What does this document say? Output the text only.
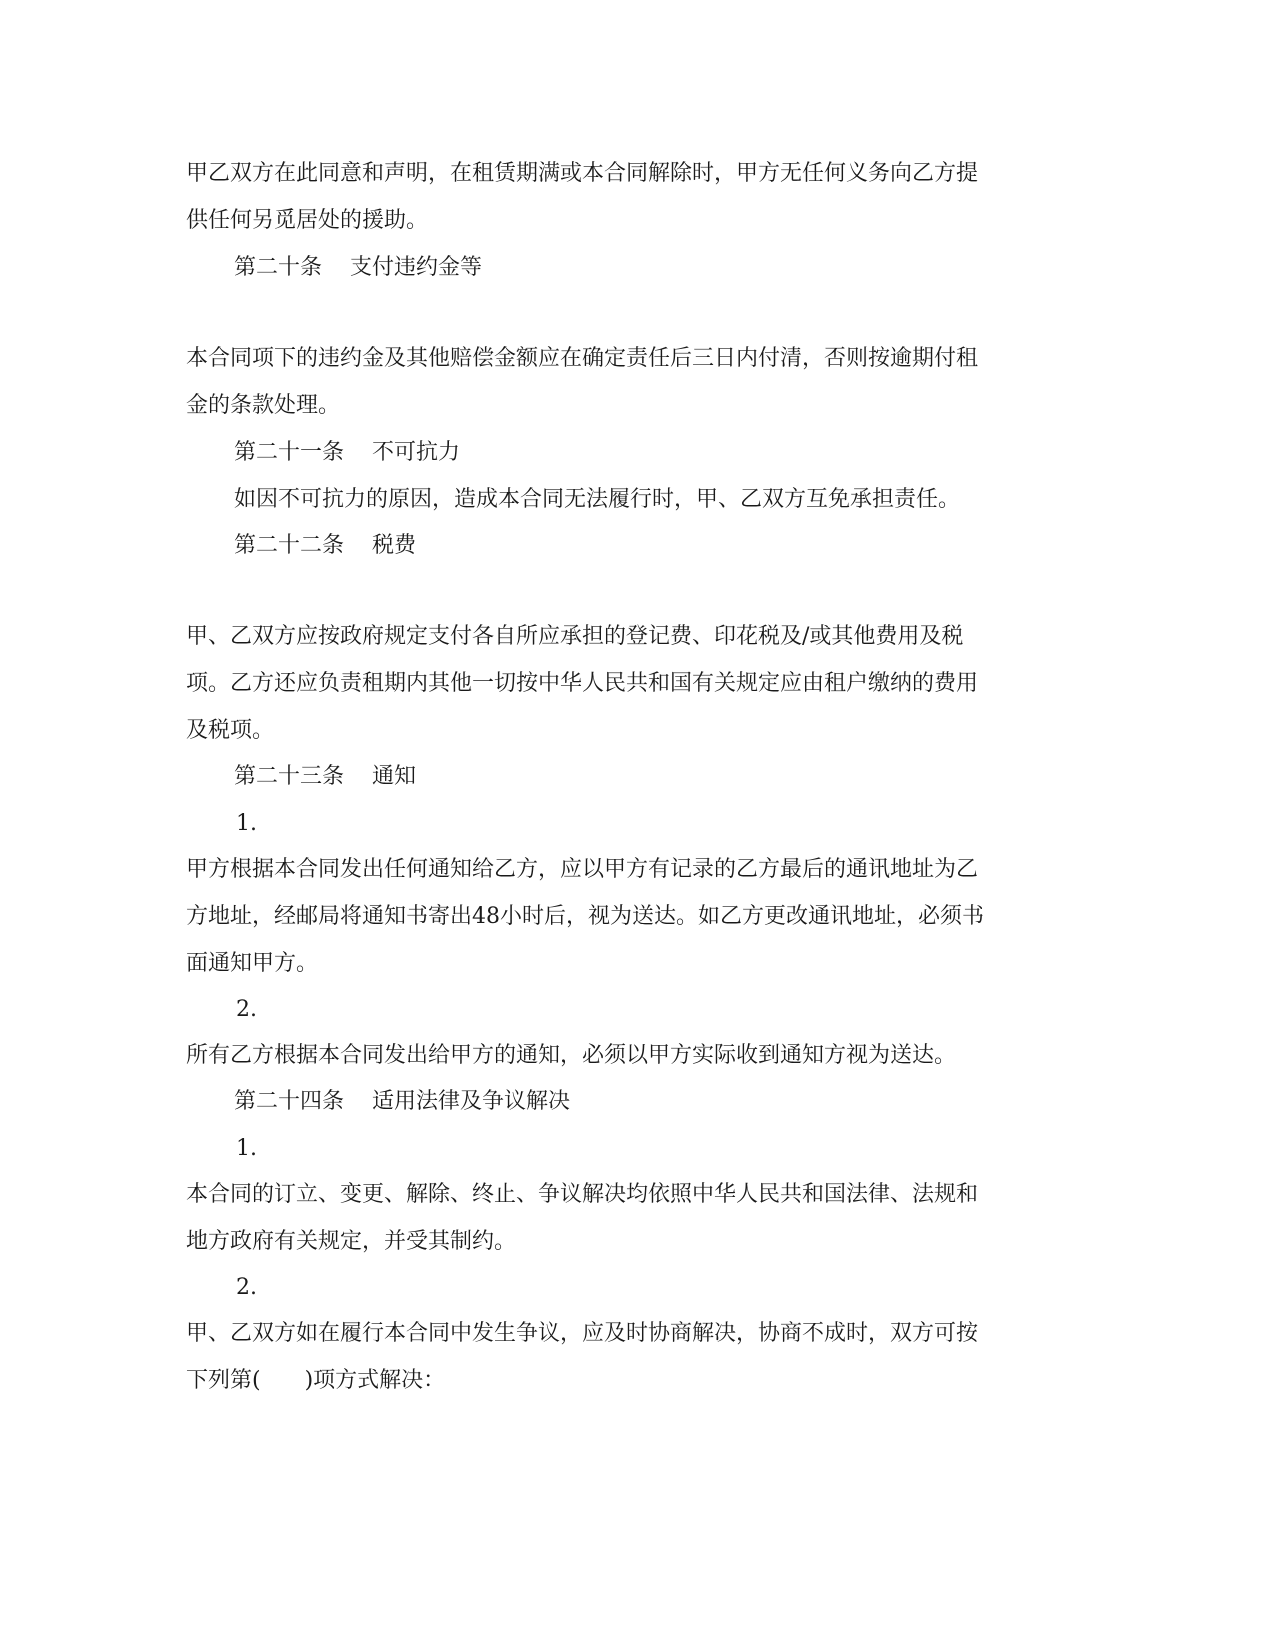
甲乙双方在此同意和声明，在租赁期满或本合同解除时，甲方无任何义务向乙方提
供任何另觅居处的援助。
第二十条 支付违约金等
本合同项下的违约金及其他赔偿金额应在确定责任后三日内付清，否则按逾期付租
金的条款处理。
第二十一条 不可抗力
如因不可抗力的原因，造成本合同无法履行时，甲、乙双方互免承担责任。
第二十二条 税费
甲、乙双方应按政府规定支付各自所应承担的登记费、印花税及/或其他费用及税
项。乙方还应负责租期内其他一切按中华人民共和国有关规定应由租户缴纳的费用
及税项。
第二十三条 通知
1.
甲方根据本合同发出任何通知给乙方，应以甲方有记录的乙方最后的通讯地址为乙
方地址，经邮局将通知书寄出48小时后，视为送达。如乙方更改通讯地址，必须书
面通知甲方。
2.
所有乙方根据本合同发出给甲方的通知，必须以甲方实际收到通知方视为送达。
第二十四条 适用法律及争议解决
1.
本合同的订立、变更、解除、终止、争议解决均依照中华人民共和国法律、法规和
地方政府有关规定，并受其制约。
2.
甲、乙双方如在履行本合同中发生争议，应及时协商解决，协商不成时，双方可按
下列第(　　)项方式解决：
